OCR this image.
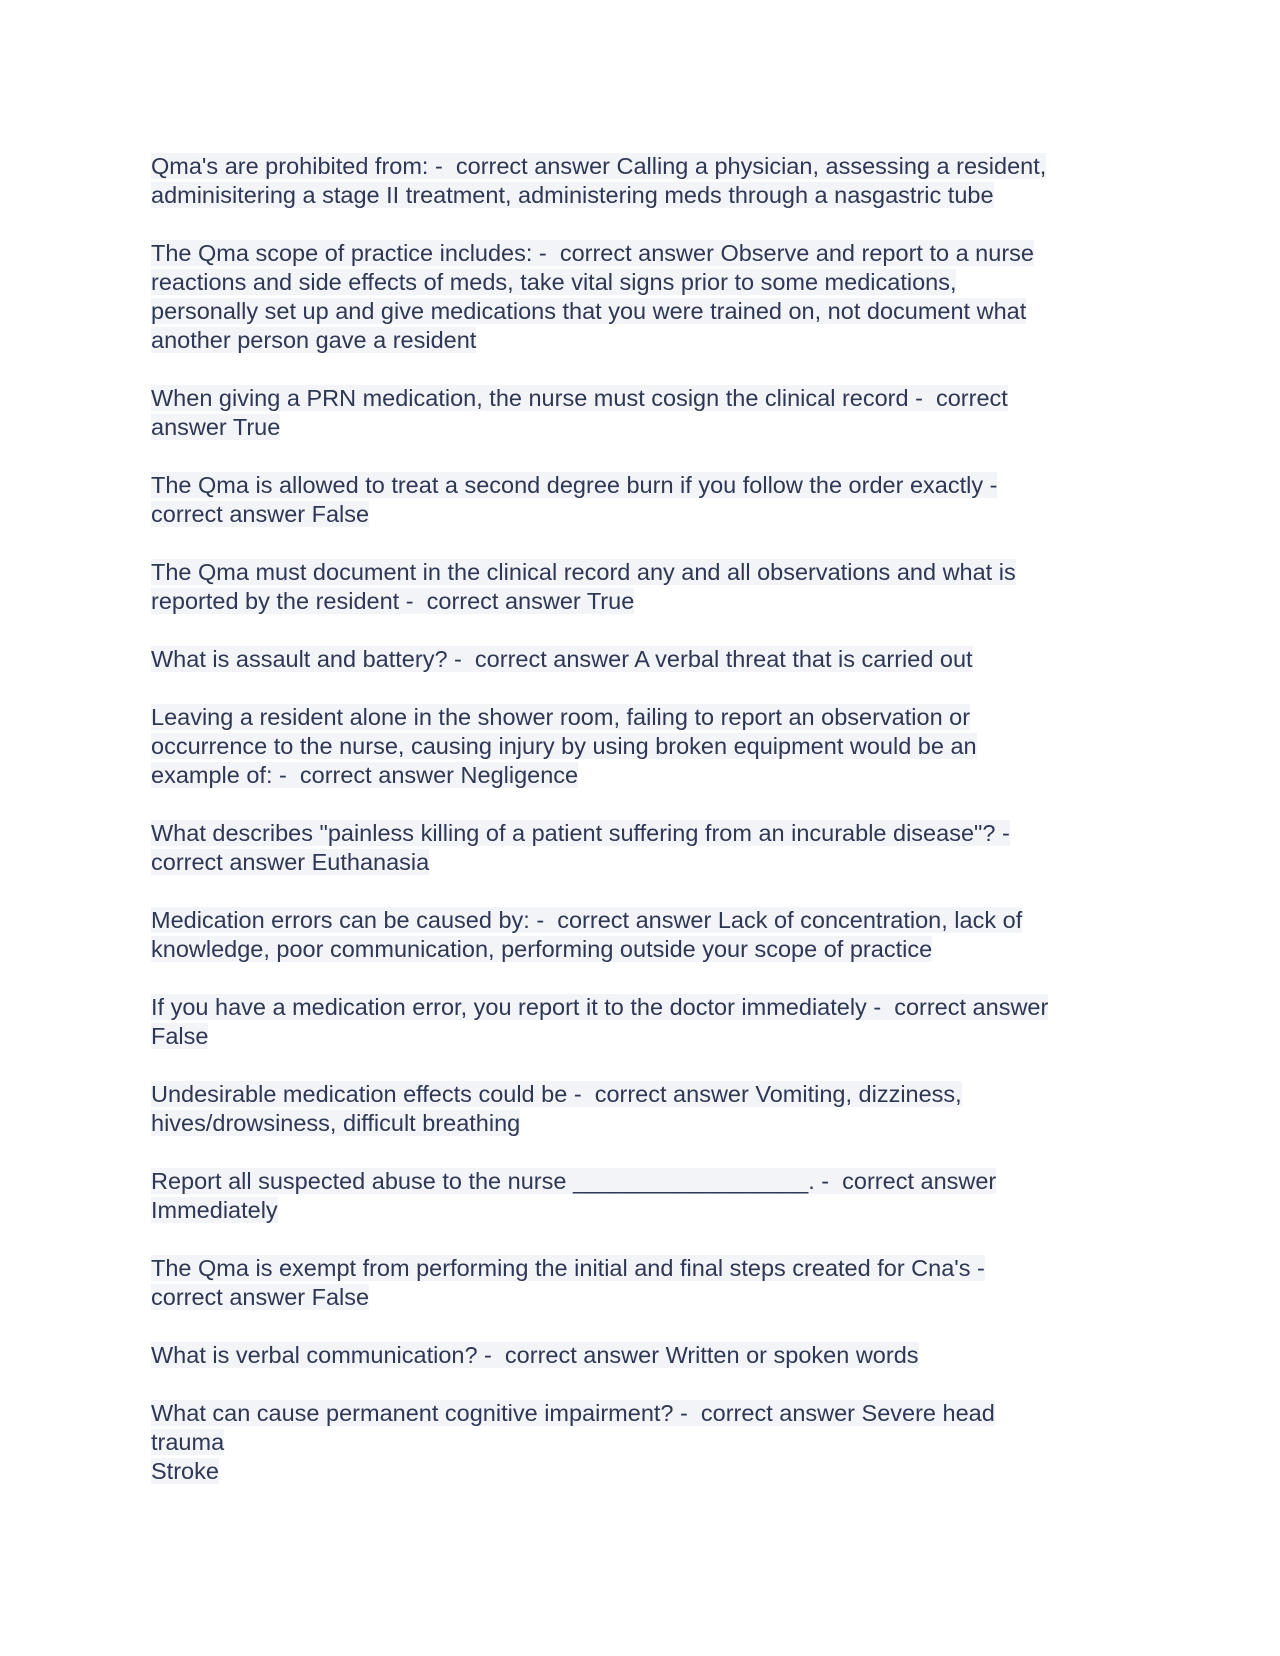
Qma's are prohibited from: -  correct answer Calling a physician, assessing a resident,
adminisitering a stage II treatment, administering meds through a nasgastric tube

The Qma scope of practice includes: -  correct answer Observe and report to a nurse
reactions and side effects of meds, take vital signs prior to some medications,
personally set up and give medications that you were trained on, not document what
another person gave a resident

When giving a PRN medication, the nurse must cosign the clinical record -  correct
answer True

The Qma is allowed to treat a second degree burn if you follow the order exactly -
correct answer False

The Qma must document in the clinical record any and all observations and what is
reported by the resident -  correct answer True

What is assault and battery? -  correct answer A verbal threat that is carried out

Leaving a resident alone in the shower room, failing to report an observation or
occurrence to the nurse, causing injury by using broken equipment would be an
example of: -  correct answer Negligence

What describes "painless killing of a patient suffering from an incurable disease"? -
correct answer Euthanasia

Medication errors can be caused by: -  correct answer Lack of concentration, lack of
knowledge, poor communication, performing outside your scope of practice

If you have a medication error, you report it to the doctor immediately -  correct answer
False

Undesirable medication effects could be -  correct answer Vomiting, dizziness,
hives/drowsiness, difficult breathing

Report all suspected abuse to the nurse __________________. -  correct answer
Immediately

The Qma is exempt from performing the initial and final steps created for Cna's -
correct answer False

What is verbal communication? -  correct answer Written or spoken words

What can cause permanent cognitive impairment? -  correct answer Severe head
trauma
Stroke
